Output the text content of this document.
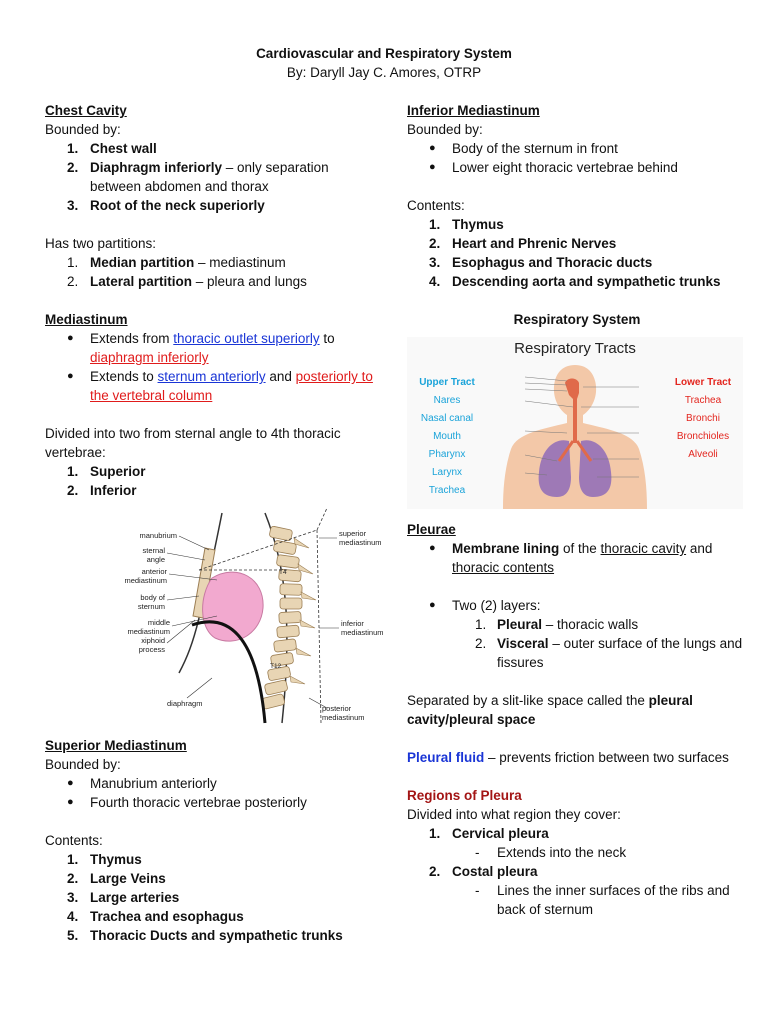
Cardiovascular and Respiratory System
By: Daryll Jay C. Amores, OTRP
Chest Cavity
Bounded by:
1. Chest wall
2. Diaphragm inferiorly – only separation between abdomen and thorax
3. Root of the neck superiorly
Has two partitions:
1. Median partition – mediastinum
2. Lateral partition – pleura and lungs
Mediastinum
● Extends from thoracic outlet superiorly to diaphragm inferiorly
● Extends to sternum anteriorly and posteriorly to the vertebral column
Divided into two from sternal angle to 4th thoracic vertebrae:
1. Superior
2. Inferior
manubrium
sternal
angle
anterior
mediastinum
body of
sternum
middle
mediastinum
xiphoid
process
superior
mediastinum
inferior
mediastinum
diaphragm
posterior
mediastinum
T4
T12
Superior Mediastinum
Bounded by:
● Manubrium anteriorly
● Fourth thoracic vertebrae posteriorly
Contents:
1. Thymus
2. Large Veins
3. Large arteries
4. Trachea and esophagus
5. Thoracic Ducts and sympathetic trunks
Inferior Mediastinum
Bounded by:
● Body of the sternum in front
● Lower eight thoracic vertebrae behind
Contents:
1. Thymus
2. Heart and Phrenic Nerves
3. Esophagus and Thoracic ducts
4. Descending aorta and sympathetic trunks
Respiratory System
Respiratory Tracts
Upper Tract
Nares
Nasal canal
Mouth
Pharynx
Larynx
Trachea
Lower Tract
Trachea
Bronchi
Bronchioles
Alveoli
Pleurae
● Membrane lining of the thoracic cavity and thoracic contents
● Two (2) layers:
1. Pleural – thoracic walls
2. Visceral – outer surface of the lungs and fissures
Separated by a slit-like space called the pleural cavity/pleural space
Pleural fluid – prevents friction between two surfaces
Regions of Pleura
Divided into what region they cover:
1. Cervical pleura
- Extends into the neck
2. Costal pleura
- Lines the inner surfaces of the ribs and back of sternum
